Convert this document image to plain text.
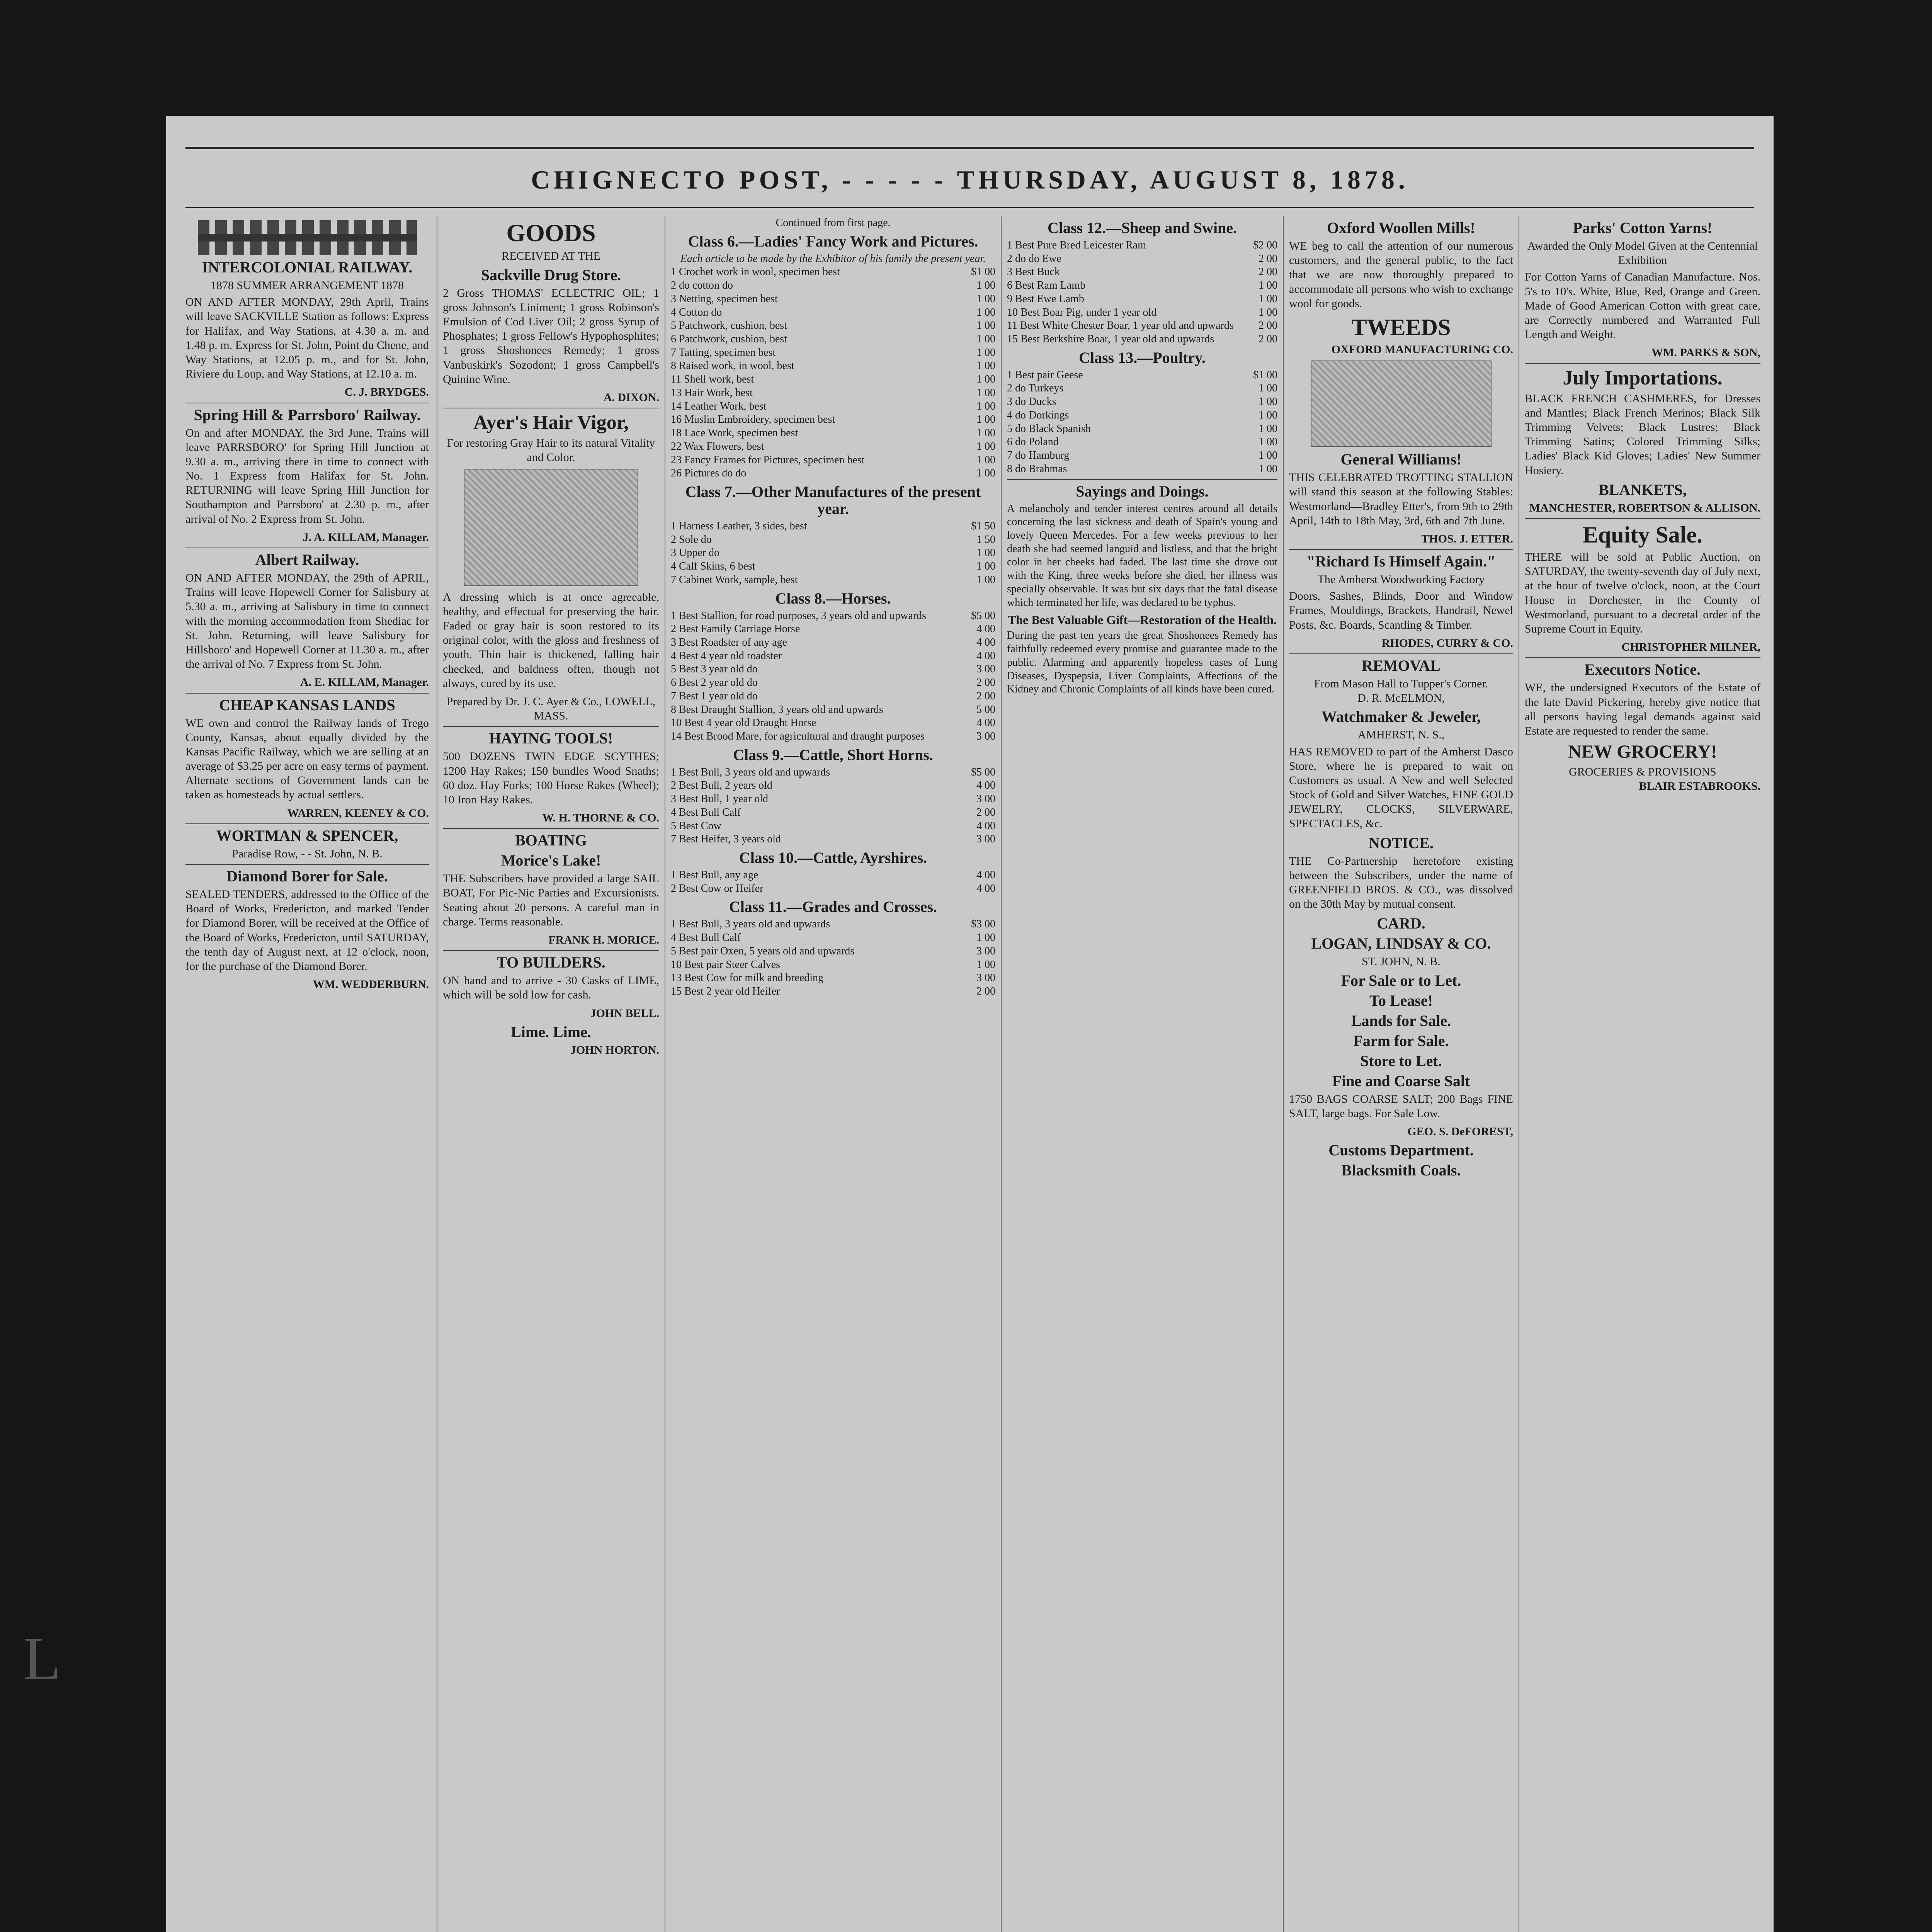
CHIGNECTO POST, - - - - - THURSDAY, AUGUST 8, 1878.
INTERCOLONIAL RAILWAY.
1878 SUMMER ARRANGEMENT 1878

ON AND AFTER MONDAY, 29th April, Trains will leave SACKVILLE Station as follows: Express for Halifax, and Way Stations, at 4.30 a. m. and 1.48 p. m. Express for St. John, Point du Chene, and Way Stations, at 12.05 p. m., and for St. John, Riviere du Loup, and Way Stations, at 12.10 a. m.

C. J. BRYDGES.
Spring Hill & Parrsboro' Railway.

On and after MONDAY, the 3rd June, Trains will leave PARRSBORO' for Spring Hill Junction at 9.30 a. m., arriving there in time to connect with No. 1 Express from Halifax for St. John. RETURNING will leave Spring Hill Junction for Southampton and Parrsboro' at 2.30 p. m., after arrival of No. 2 Express from St. John.

J. A. KILLAM, Manager.
Albert Railway.

ON AND AFTER MONDAY, the 29th of APRIL, Trains will leave Hopewell Corner for Salisbury at 5.30 a. m., arriving at Salisbury in time to connect with the morning accommodation from Shediac for St. John. Returning, will leave Salisbury for Hillsboro' and Hopewell Corner at 11.30 a. m., after the arrival of No. 7 Express from St. John.

A. E. KILLAM, Manager.
CHEAP KANSAS LANDS

WE own and control the Railway lands of Trego County, Kansas, about equally divided by the Kansas Pacific Railway, which we are selling at an average of $3.25 per acre on easy terms of payment. Alternate sections of Government lands can be taken as homesteads by actual settlers.

WARREN, KEENEY & CO.
WORTMAN & SPENCER,
Paradise Row, - - St. John, N. B.
Diamond Borer for Sale.

SEALED TENDERS, addressed to the Office of the Board of Works, Fredericton, and marked Tender for Diamond Borer, will be received at the Office of the Board of Works, Fredericton, until SATURDAY, the tenth day of August next, at 12 o'clock, noon, for the purchase of the Diamond Borer.

WM. WEDDERBURN.
GOODS
RECEIVED AT THE
Sackville Drug Store.

2 Gross THOMAS' ECLECTRIC OIL; 1 gross Johnson's Liniment; 1 gross Robinson's Emulsion of Cod Liver Oil; 2 gross Syrup of Phosphates; 1 gross Fellow's Hypophosphites; 1 gross Shoshonees Remedy; 1 gross Vanbuskirk's Sozodont; 1 gross Campbell's Quinine Wine.

A. DIXON.
Ayer's Hair Vigor,
For restoring Gray Hair to its natural Vitality and Color.

A dressing which is at once agreeable, healthy, and effectual for preserving the hair. Faded or gray hair is soon restored to its original color, with the gloss and freshness of youth. Thin hair is thickened, falling hair checked, and baldness often, though not always, cured by its use.

Prepared by Dr. J. C. Ayer & Co., LOWELL, MASS.
HAYING TOOLS!

500 DOZENS TWIN EDGE SCYTHES; 1200 Hay Rakes; 150 bundles Wood Snaths; 60 doz. Hay Forks; 100 Horse Rakes (Wheel); 10 Iron Hay Rakes.

W. H. THORNE & CO.
BOATING
Morice's Lake!

THE Subscribers have provided a large SAIL BOAT, For Pic-Nic Parties and Excursionists. Seating about 20 persons. A careful man in charge. Terms reasonable.

FRANK H. MORICE.
TO BUILDERS.

ON hand and to arrive - 30 Casks of LIME, which will be sold low for cash.

JOHN BELL.
Lime. Lime.
JOHN HORTON.
Continued from first page.
Class 6.—Ladies' Fancy Work and Pictures.
Each article to be made by the Exhibitor of his family the present year.
1 Crochet work in wool, specimen best	$1 00
2 do cotton do	1 00
3 Netting, specimen best	1 00
4 Cotton do	1 00
5 Patchwork, cushion, best	1 00
6 Patchwork, cushion, best	1 00
7 Tatting, specimen best	1 00
8 Raised work, in wool, best	1 00
11 Shell work, best	1 00
13 Hair Work, best	1 00
14 Leather Work, best	1 00
16 Muslin Embroidery, specimen best	1 00
18 Lace Work, specimen best	1 00
22 Wax Flowers, best	1 00
23 Fancy Frames for Pictures, specimen best	1 00
26 Pictures do do	1 00
Class 7.—Other Manufactures of the present year.
1 Harness Leather, 3 sides, best	$1 50
2 Sole do	1 50
3 Upper do	1 00
4 Calf Skins, 6 best	1 00
7 Cabinet Work, sample, best	1 00
Class 8.—Horses.
1 Best Stallion, for road purposes, 3 years old and upwards	$5 00
2 Best Family Carriage Horse	4 00
3 Best Roadster of any age	4 00
4 Best 4 year old roadster	4 00
5 Best 3 year old do	3 00
6 Best 2 year old do	2 00
7 Best 1 year old do	2 00
8 Best Draught Stallion, 3 years old and upwards	5 00
10 Best 4 year old Draught Horse	4 00
14 Best Brood Mare, for agricultural and draught purposes	3 00
Class 9.—Cattle, Short Horns.
1 Best Bull, 3 years old and upwards	$5 00
2 Best Bull, 2 years old	4 00
3 Best Bull, 1 year old	3 00
4 Best Bull Calf	2 00
5 Best Cow	4 00
7 Best Heifer, 3 years old	3 00
Class 10.—Cattle, Ayrshires.
1 Best Bull, any age	4 00
2 Best Cow or Heifer	4 00
Class 11.—Grades and Crosses.
1 Best Bull, 3 years old and upwards	$3 00
4 Best Bull Calf	1 00
5 Best pair Oxen, 5 years old and upwards	3 00
10 Best pair Steer Calves	1 00
13 Best Cow for milk and breeding	3 00
15 Best 2 year old Heifer	2 00
Class 12.—Sheep and Swine.
1 Best Pure Bred Leicester Ram	$2 00
2 do do Ewe	2 00
3 Best Buck	2 00
6 Best Ram Lamb	1 00
9 Best Ewe Lamb	1 00
10 Best Boar Pig, under 1 year old	1 00
11 Best White Chester Boar, 1 year old and upwards 2 00
15 Best Berkshire Boar, 1 year old and upwards	2 00
Class 13.—Poultry.
1 Best pair Geese	$1 00
2 do Turkeys	1 00
3 do Ducks	1 00
4 do Dorkings	1 00
5 do Black Spanish	1 00
6 do Poland	1 00
7 do Hamburg	1 00
8 do Brahmas	1 00
Sayings and Doings.

A melancholy and tender interest centres around all details concerning the last sickness and death of Spain's young and lovely Queen Mercedes. For a few weeks previous to her death she had seemed languid and listless, and that the bright color in her cheeks had faded. The last time she drove out with the King, three weeks before she died, her illness was specially observable. It was but six days that the fatal disease which terminated her life, was declared to be typhus.

The Best Valuable Gift—Restoration of the Health.

During the past ten years the great Shoshonees Remedy has faithfully redeemed every promise and guarantee made to the public. Alarming and apparently hopeless cases of Lung Diseases, Dyspepsia, Liver Complaints, Affections of the Kidney and Chronic Complaints of all kinds have been cured.

Oxford Woollen Mills!

WE beg to call the attention of our numerous customers, and the general public, to the fact that we are now thoroughly prepared to accommodate all persons who wish to exchange wool for goods.

TWEEDS
OXFORD MANUFACTURING CO.
General Williams!

THIS CELEBRATED TROTTING STALLION will stand this season at the following Stables: Westmorland—Bradley Etter's, from 9th to 29th April, 14th to 18th May, 3rd, 6th and 7th June.

THOS. J. ETTER.
"Richard Is Himself Again."
The Amherst Woodworking Factory

Doors, Sashes, Blinds, Door and Window Frames, Mouldings, Brackets, Handrail, Newel Posts, &c. Boards, Scantling & Timber.

RHODES, CURRY & CO.
REMOVAL
From Mason Hall to Tupper's Corner.
D. R. McELMON,
Watchmaker & Jeweler,
AMHERST, N. S.,

HAS REMOVED to part of the Amherst Dasco Store, where he is prepared to wait on Customers as usual. A New and well Selected Stock of Gold and Silver Watches, FINE GOLD JEWELRY, CLOCKS, SILVERWARE, SPECTACLES, &c.

NOTICE.

THE Co-Partnership heretofore existing between the Subscribers, under the name of GREENFIELD BROS. & CO., was dissolved on the 30th May by mutual consent.

CARD.
LOGAN, LINDSAY & CO.
ST. JOHN, N. B.
For Sale or to Let.
To Lease!
Lands for Sale.
Farm for Sale.
Store to Let.
Fine and Coarse Salt

1750 BAGS COARSE SALT; 200 Bags FINE SALT, large bags. For Sale Low.

GEO. S. DeFOREST,
Customs Department.
Blacksmith Coals.
Parks' Cotton Yarns!
Awarded the Only Model Given at the Centennial Exhibition

For Cotton Yarns of Canadian Manufacture. Nos. 5's to 10's. White, Blue, Red, Orange and Green. Made of Good American Cotton with great care, are Correctly numbered and Warranted Full Length and Weight.

WM. PARKS & SON,
July Importations.

BLACK FRENCH CASHMERES, for Dresses and Mantles; Black French Merinos; Black Silk Trimming Velvets; Black Lustres; Black Trimming Satins; Colored Trimming Silks; Ladies' Black Kid Gloves; Ladies' New Summer Hosiery.

BLANKETS,
MANCHESTER, ROBERTSON & ALLISON.
Equity Sale.

THERE will be sold at Public Auction, on SATURDAY, the twenty-seventh day of July next, at the hour of twelve o'clock, noon, at the Court House in Dorchester, in the County of Westmorland, pursuant to a decretal order of the Supreme Court in Equity.

CHRISTOPHER MILNER,
Executors Notice.

WE, the undersigned Executors of the Estate of the late David Pickering, hereby give notice that all persons having legal demands against said Estate are requested to render the same.

NEW GROCERY!
GROCERIES & PROVISIONS
BLAIR ESTABROOKS.
L
